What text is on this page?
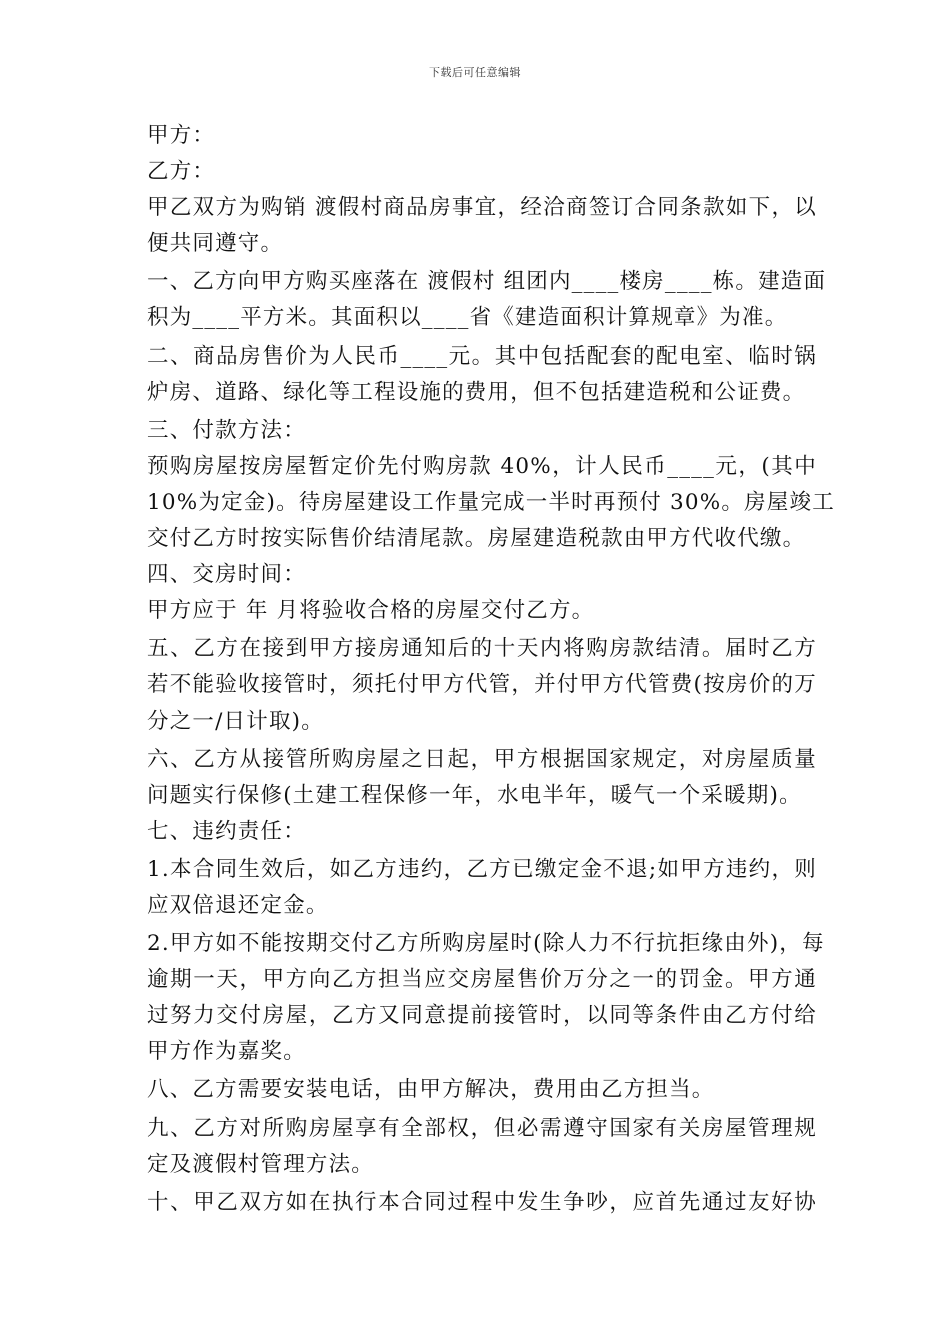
下载后可任意编辑

甲方：

乙方：

甲乙双方为购销 渡假村商品房事宜，经洽商签订合同条款如下，以

便共同遵守。

一、乙方向甲方购买座落在 渡假村 组团内____楼房____栋。建造面

积为____平方米。其面积以____省《建造面积计算规章》为准。

二、商品房售价为人民币____元。其中包括配套的配电室、临时锅

炉房、道路、绿化等工程设施的费用，但不包括建造税和公证费。

三、付款方法：

预购房屋按房屋暂定价先付购房款 40%，计人民币____元，(其中

10%为定金)。待房屋建设工作量完成一半时再预付 30%。房屋竣工

交付乙方时按实际售价结清尾款。房屋建造税款由甲方代收代缴。

四、交房时间：

甲方应于 年 月将验收合格的房屋交付乙方。

五、乙方在接到甲方接房通知后的十天内将购房款结清。届时乙方

若不能验收接管时，须托付甲方代管，并付甲方代管费(按房价的万

分之一/日计取)。

六、乙方从接管所购房屋之日起，甲方根据国家规定，对房屋质量

问题实行保修(土建工程保修一年，水电半年，暖气一个采暖期)。

七、违约责任：

1.本合同生效后，如乙方违约，乙方已缴定金不退;如甲方违约，则

应双倍退还定金。

2.甲方如不能按期交付乙方所购房屋时(除人力不行抗拒缘由外)，每

逾期一天，甲方向乙方担当应交房屋售价万分之一的罚金。甲方通

过努力交付房屋，乙方又同意提前接管时，以同等条件由乙方付给

甲方作为嘉奖。

八、乙方需要安装电话，由甲方解决，费用由乙方担当。

九、乙方对所购房屋享有全部权，但必需遵守国家有关房屋管理规

定及渡假村管理方法。

十、甲乙双方如在执行本合同过程中发生争吵，应首先通过友好协
